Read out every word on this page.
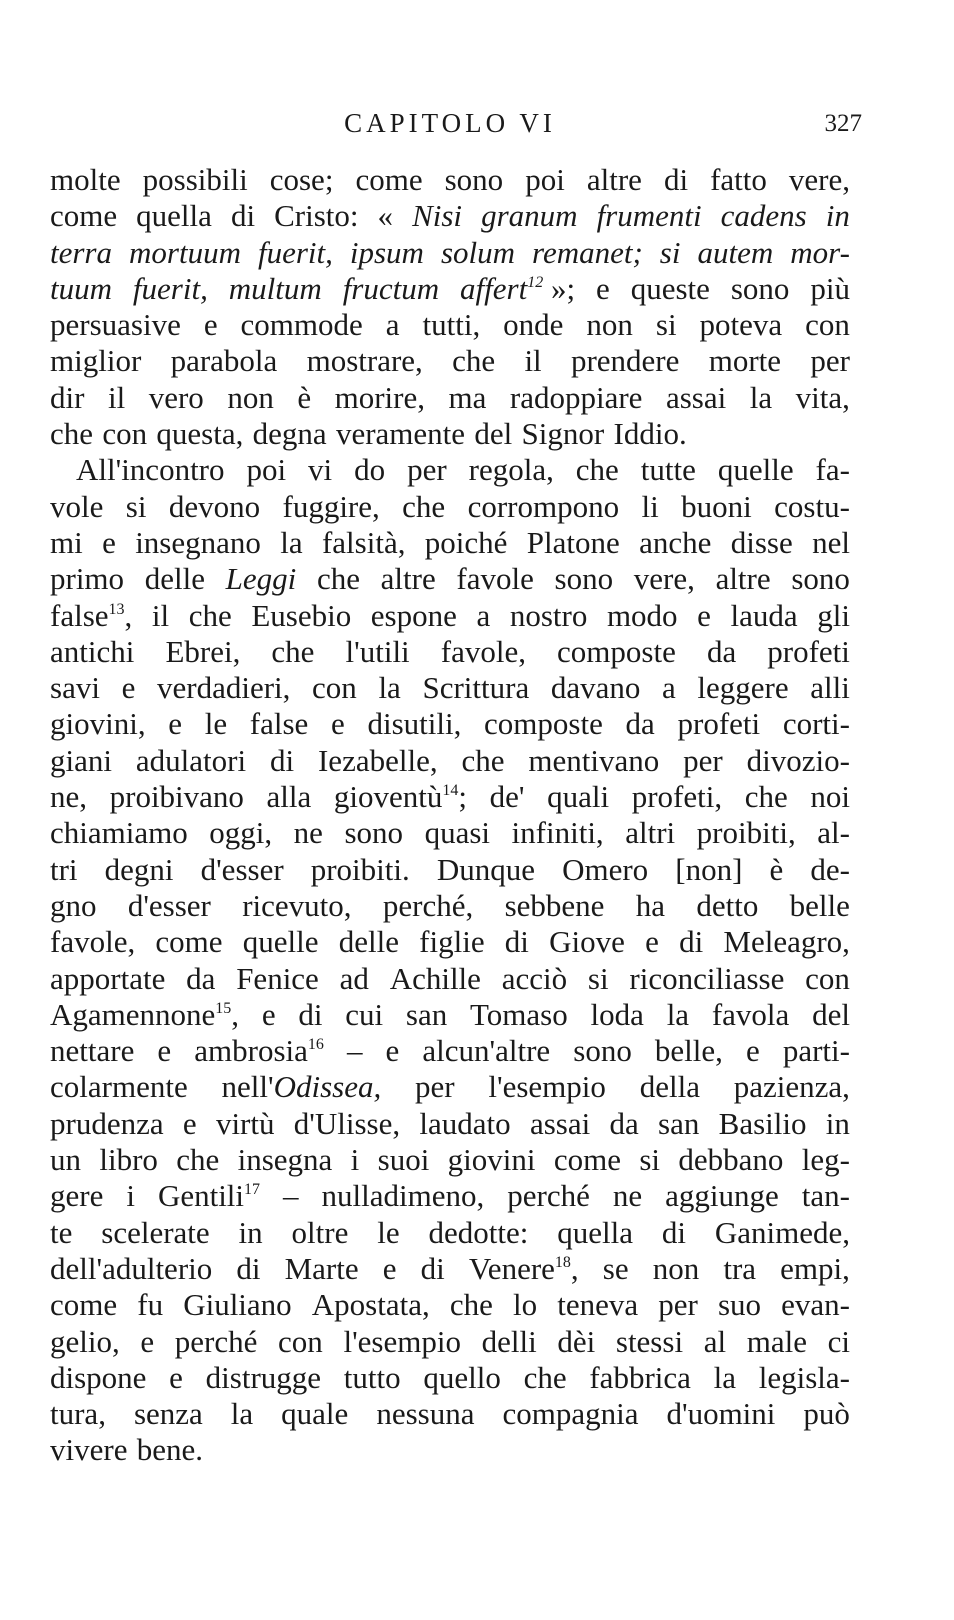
CAPITOLO VI	327
molte possibili cose; come sono poi altre di fatto vere,
come quella di Cristo: « Nisi granum frumenti cadens in
terra mortuum fuerit, ipsum solum remanet; si autem mor-
tuum fuerit, multum fructum affert$^{12}$ »; e queste sono più
persuasive e commode a tutti, onde non si poteva con
miglior parabola mostrare, che il prendere morte per
dir il vero non è morire, ma radoppiare assai la vita,
che con questa, degna veramente del Signor Iddio.
All'incontro poi vi do per regola, che tutte quelle fa-
vole si devono fuggire, che corrompono li buoni costu-
mi e insegnano la falsità, poiché Platone anche disse nel
primo delle Leggi che altre favole sono vere, altre sono
false$^{13}$, il che Eusebio espone a nostro modo e lauda gli
antichi Ebrei, che l'utili favole, composte da profeti
savi e verdadieri, con la Scrittura davano a leggere alli
giovini, e le false e disutili, composte da profeti corti-
giani adulatori di Iezabelle, che mentivano per divozio-
ne, proibivano alla gioventù$^{14}$; de' quali profeti, che noi
chiamiamo oggi, ne sono quasi infiniti, altri proibiti, al-
tri degni d'esser proibiti. Dunque Omero [non] è de-
gno d'esser ricevuto, perché, sebbene ha detto belle
favole, come quelle delle figlie di Giove e di Meleagro,
apportate da Fenice ad Achille acciò si riconciliasse con
Agamennone$^{15}$, e di cui san Tomaso loda la favola del
nettare e ambrosia$^{16}$ – e alcun'altre sono belle, e parti-
colarmente nell'Odissea, per l'esempio della pazienza,
prudenza e virtù d'Ulisse, laudato assai da san Basilio in
un libro che insegna i suoi giovini come si debbano leg-
gere i Gentili$^{17}$ – nulladimeno, perché ne aggiunge tan-
te scelerate in oltre le dedotte: quella di Ganimede,
dell'adulterio di Marte e di Venere$^{18}$, se non tra empi,
come fu Giuliano Apostata, che lo teneva per suo evan-
gelio, e perché con l'esempio delli dèi stessi al male ci
dispone e distrugge tutto quello che fabbrica la legisla-
tura, senza la quale nessuna compagnia d'uomini può
vivere bene.
